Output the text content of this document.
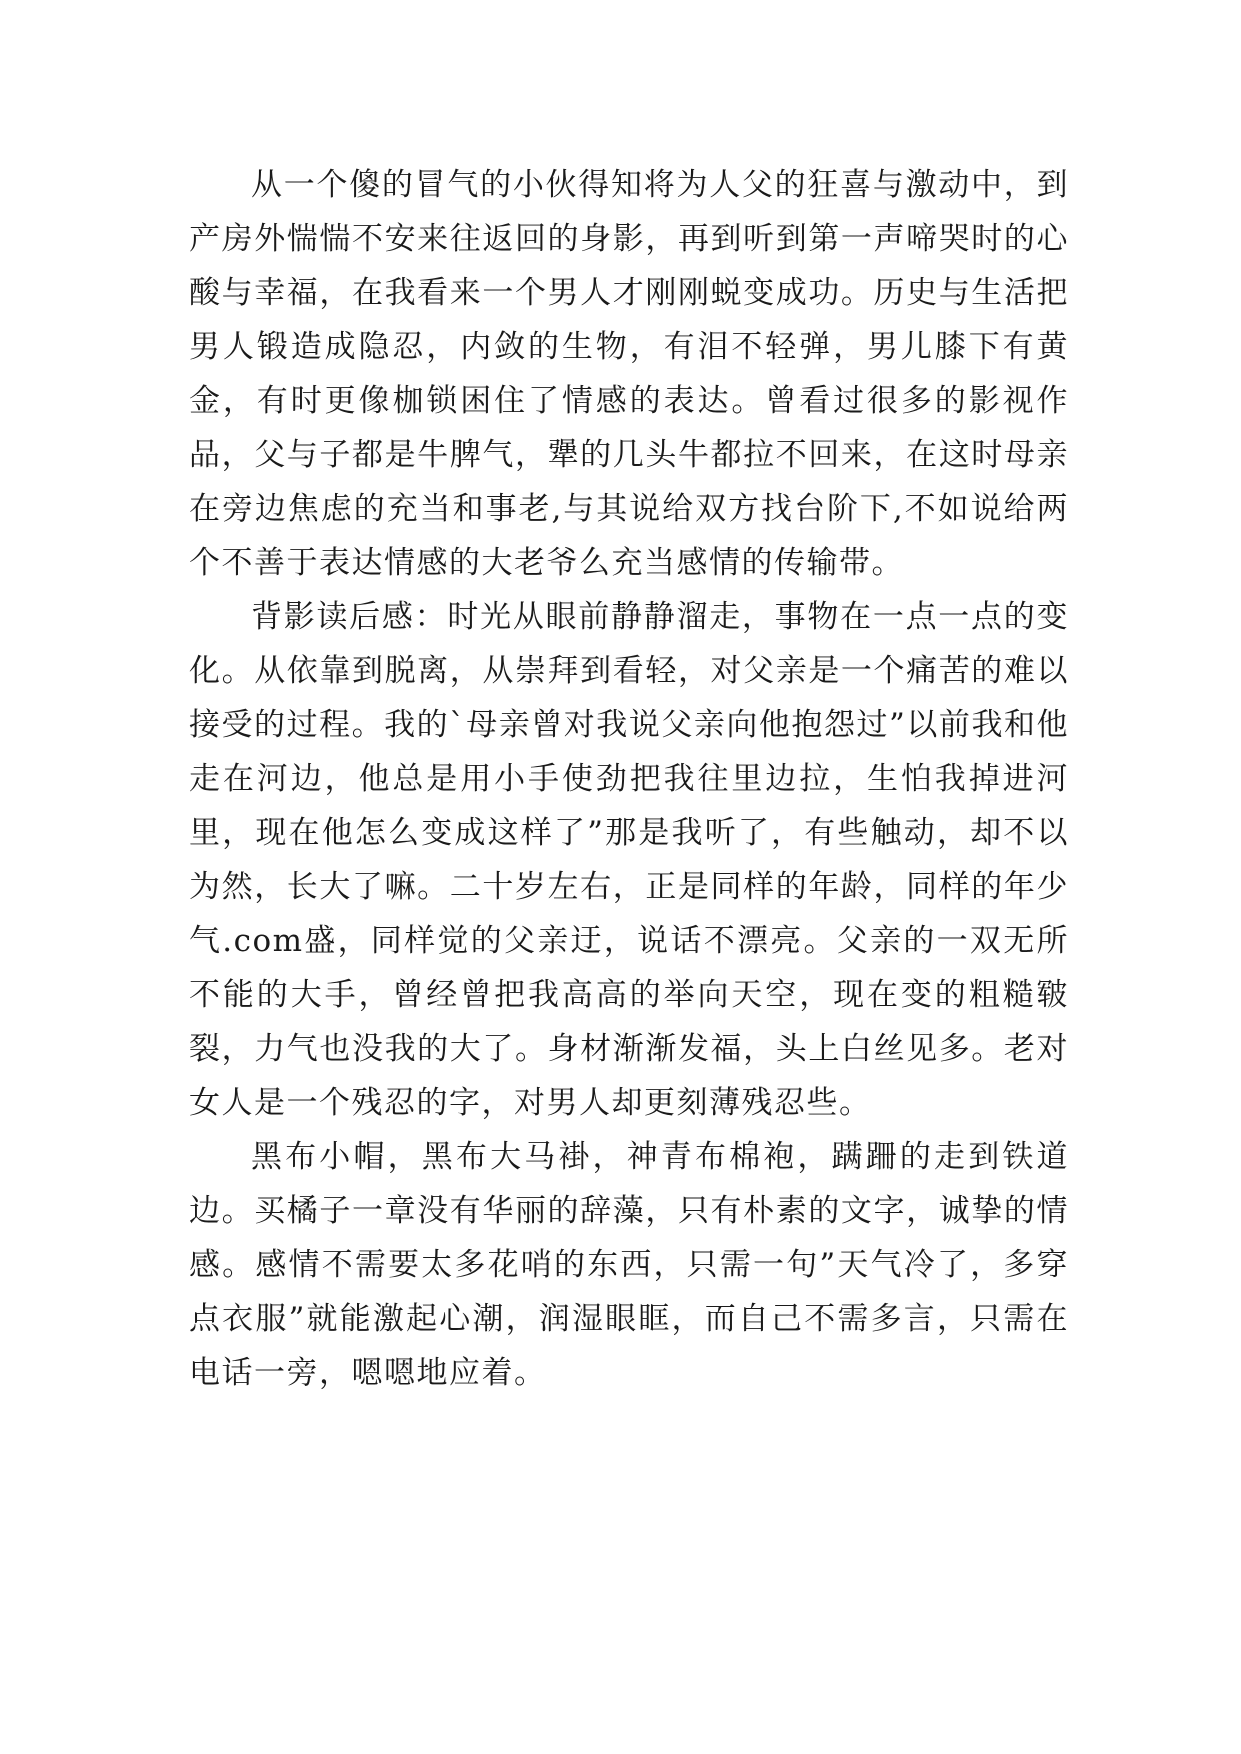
从一个傻的冒气的小伙得知将为人父的狂喜与激动中，到产房外惴惴不安来往返回的身影，再到听到第一声啼哭时的心酸与幸福，在我看来一个男人才刚刚蜕变成功。历史与生活把男人锻造成隐忍，内敛的生物，有泪不轻弹，男儿膝下有黄金，有时更像枷锁困住了情感的表达。曾看过很多的影视作品，父与子都是牛脾气，犟的几头牛都拉不回来，在这时母亲在旁边焦虑的充当和事老,与其说给双方找台阶下,不如说给两个不善于表达情感的大老爷么充当感情的传输带。

背影读后感：时光从眼前静静溜走，事物在一点一点的变化。从依靠到脱离，从崇拜到看轻，对父亲是一个痛苦的难以接受的过程。我的`母亲曾对我说父亲向他抱怨过”以前我和他走在河边，他总是用小手使劲把我往里边拉，生怕我掉进河里，现在他怎么变成这样了”那是我听了，有些触动，却不以为然，长大了嘛。二十岁左右，正是同样的年龄，同样的年少气.com盛，同样觉的父亲迂，说话不漂亮。父亲的一双无所不能的大手，曾经曾把我高高的举向天空，现在变的粗糙皲裂，力气也没我的大了。身材渐渐发福，头上白丝见多。老对女人是一个残忍的字，对男人却更刻薄残忍些。

黑布小帽，黑布大马褂，神青布棉袍，蹒跚的走到铁道边。买橘子一章没有华丽的辞藻，只有朴素的文字，诚挚的情感。感情不需要太多花哨的东西，只需一句”天气冷了，多穿点衣服”就能激起心潮，润湿眼眶，而自己不需多言，只需在电话一旁，嗯嗯地应着。
